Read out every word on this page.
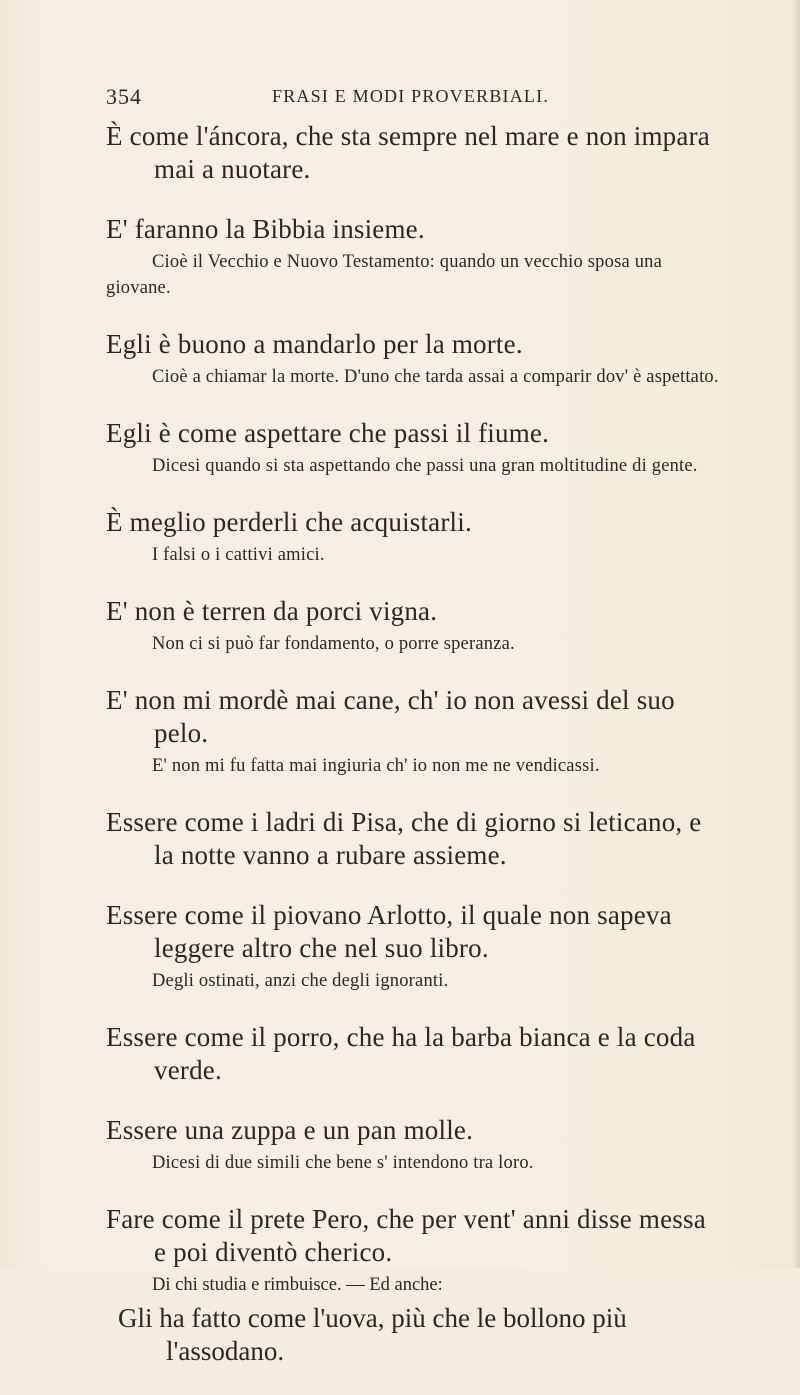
354	FRASI E MODI PROVERBIALI.
È come l'áncora, che sta sempre nel mare e non impara mai a nuotare.
E' faranno la Bibbia insieme.
Cioè il Vecchio e Nuovo Testamento: quando un vecchio sposa una giovane.
Egli è buono a mandarlo per la morte.
Cioè a chiamar la morte. D'uno che tarda assai a comparir dov' è aspettato.
Egli è come aspettare che passi il fiume.
Dicesi quando si sta aspettando che passi una gran moltitudine di gente.
È meglio perderli che acquistarli.
I falsi o i cattivi amici.
E' non è terren da porci vigna.
Non ci si può far fondamento, o porre speranza.
E' non mi mordè mai cane, ch' io non avessi del suo pelo.
E' non mi fu fatta mai ingiuria ch' io non me ne vendicassi.
Essere come i ladri di Pisa, che di giorno si leticano, e la notte vanno a rubare assieme.
Essere come il piovano Arlotto, il quale non sapeva leggere altro che nel suo libro.
Degli ostinati, anzi che degli ignoranti.
Essere come il porro, che ha la barba bianca e la coda verde.
Essere una zuppa e un pan molle.
Dicesi di due simili che bene s' intendono tra loro.
Fare come il prete Pero, che per vent' anni disse messa e poi diventò cherico.
Di chi studia e rimbuisce. — Ed anche:
Gli ha fatto come l'uova, più che le bollono più l'assodano.
